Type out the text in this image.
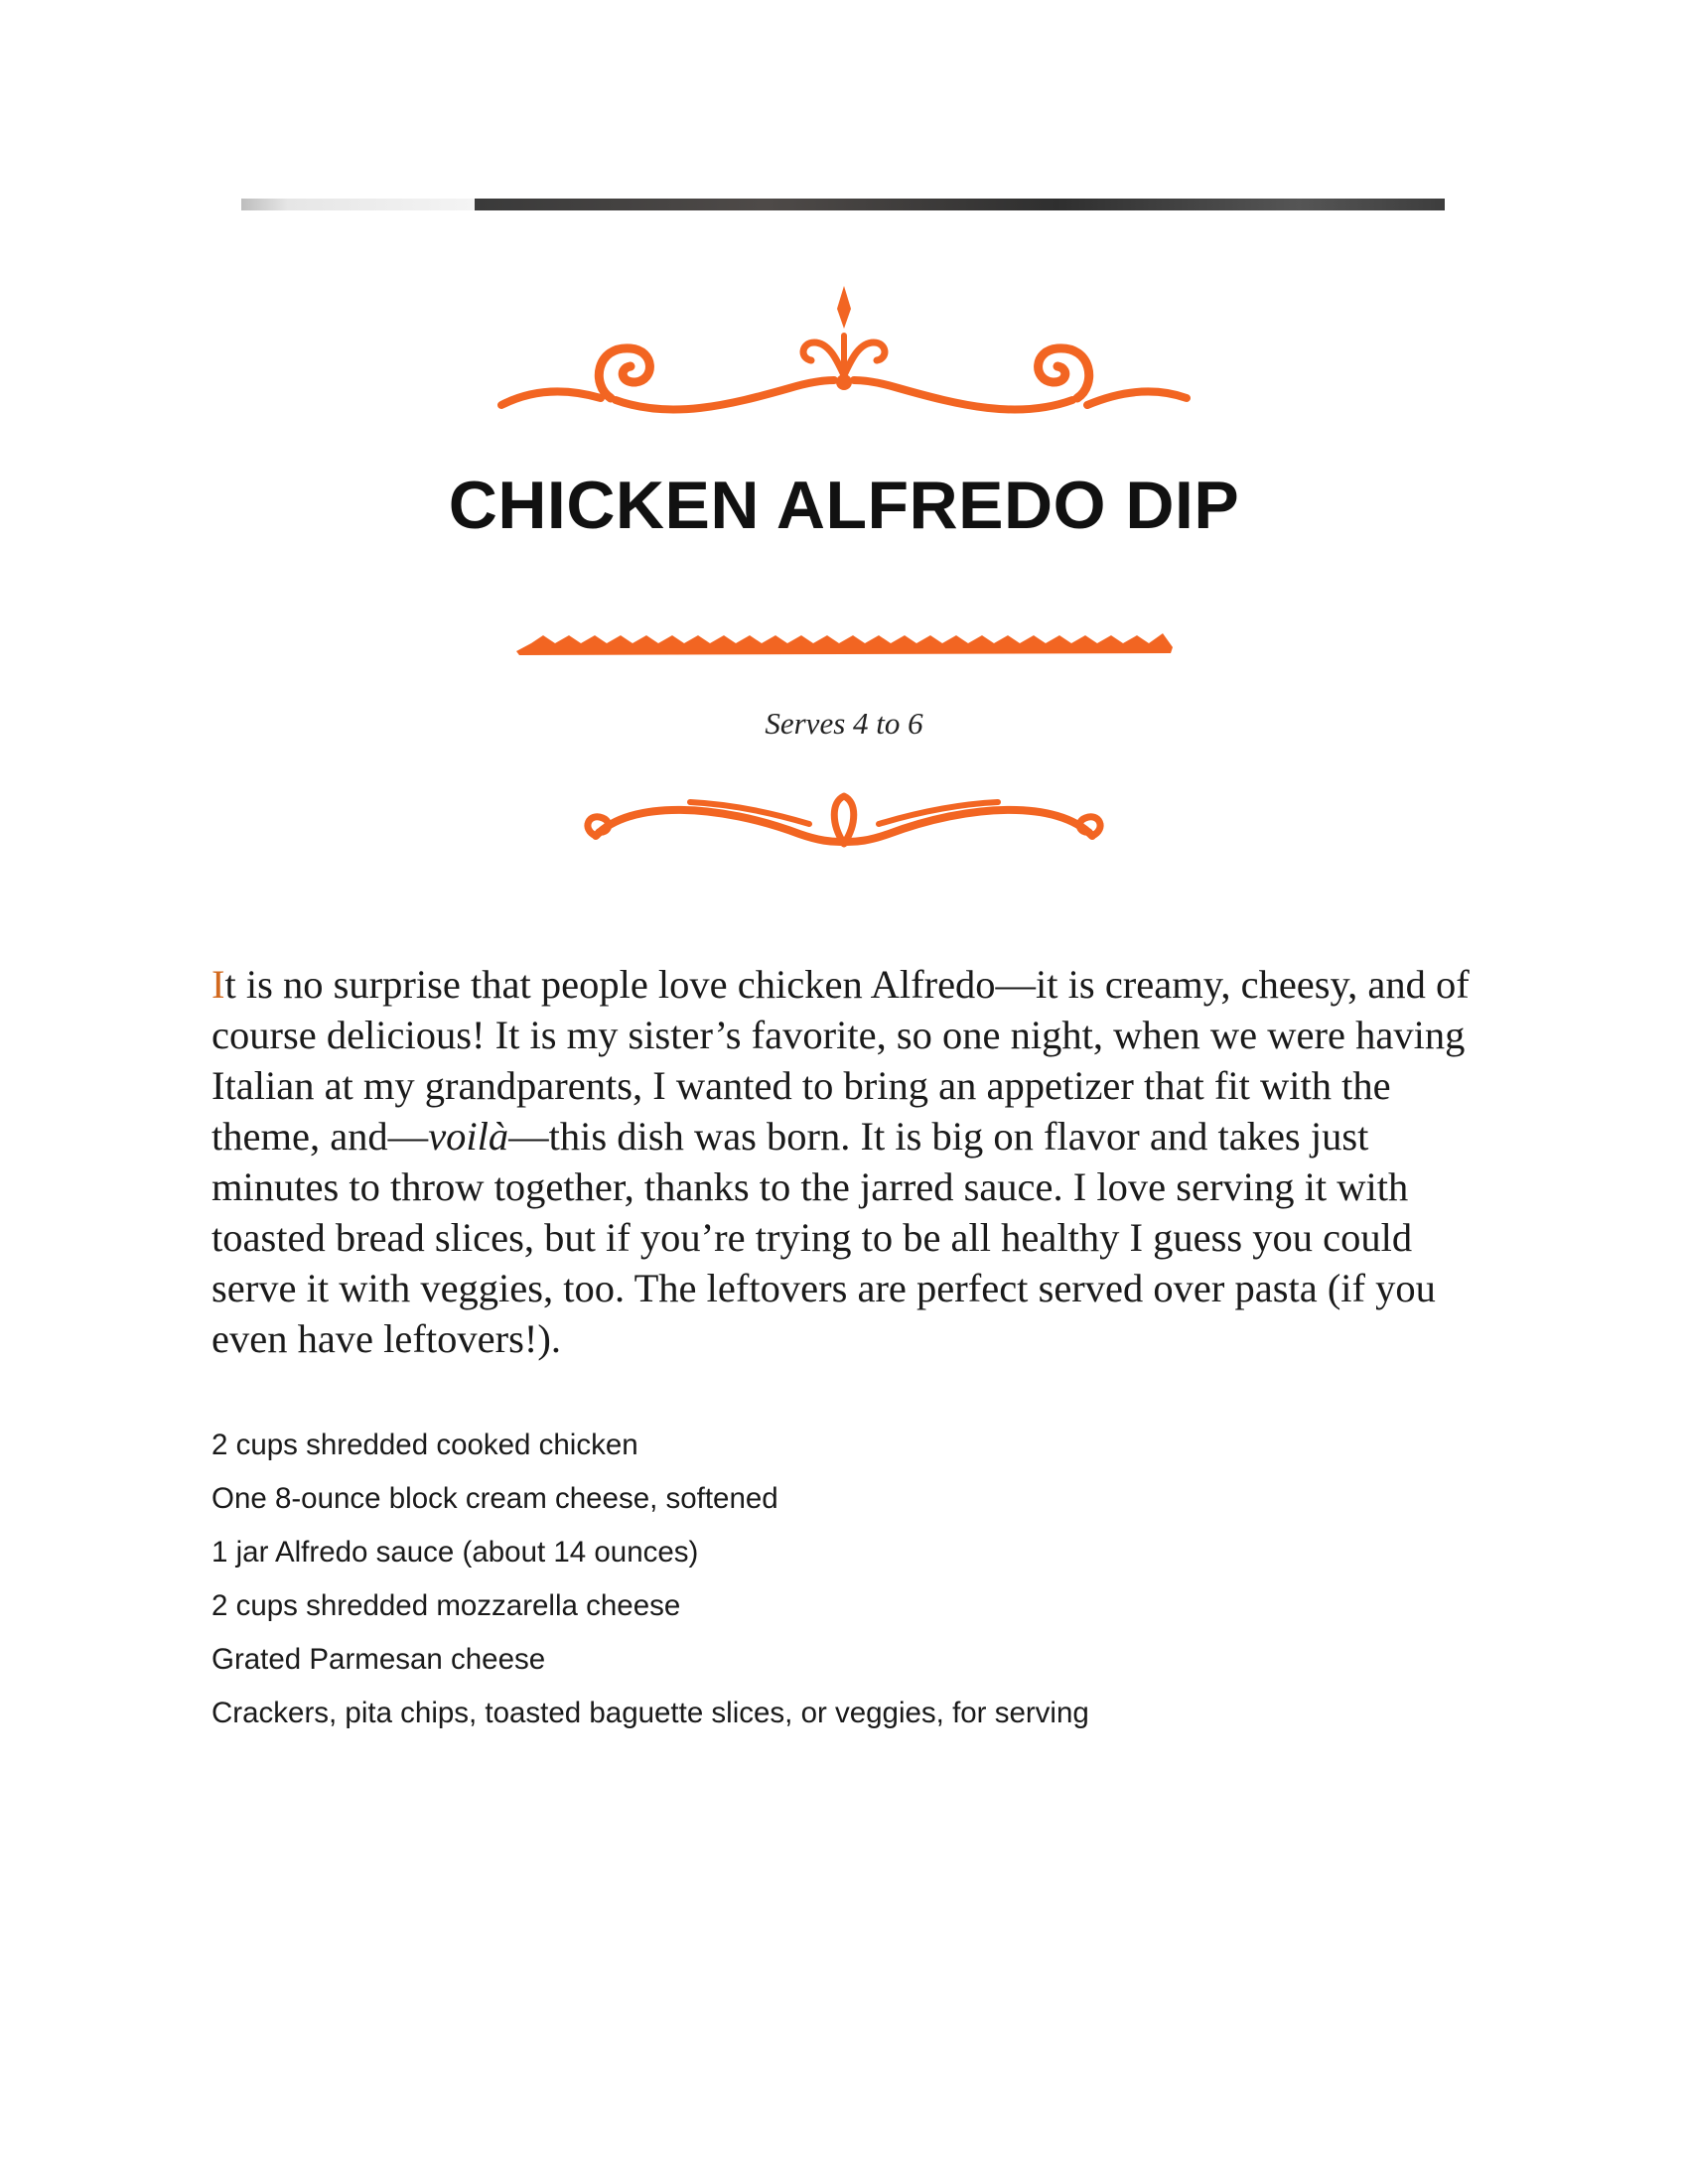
CHICKEN ALFREDO DIP
Serves 4 to 6

It is no surprise that people love chicken Alfredo—it is creamy, cheesy, and of course delicious! It is my sister’s favorite, so one night, when we were having Italian at my grandparents, I wanted to bring an appetizer that fit with the theme, and—voilà—this dish was born. It is big on flavor and takes just minutes to throw together, thanks to the jarred sauce. I love serving it with toasted bread slices, but if you’re trying to be all healthy I guess you could serve it with veggies, too. The leftovers are perfect served over pasta (if you even have leftovers!).

2 cups shredded cooked chicken
One 8-ounce block cream cheese, softened
1 jar Alfredo sauce (about 14 ounces)
2 cups shredded mozzarella cheese
Grated Parmesan cheese
Crackers, pita chips, toasted baguette slices, or veggies, for serving
